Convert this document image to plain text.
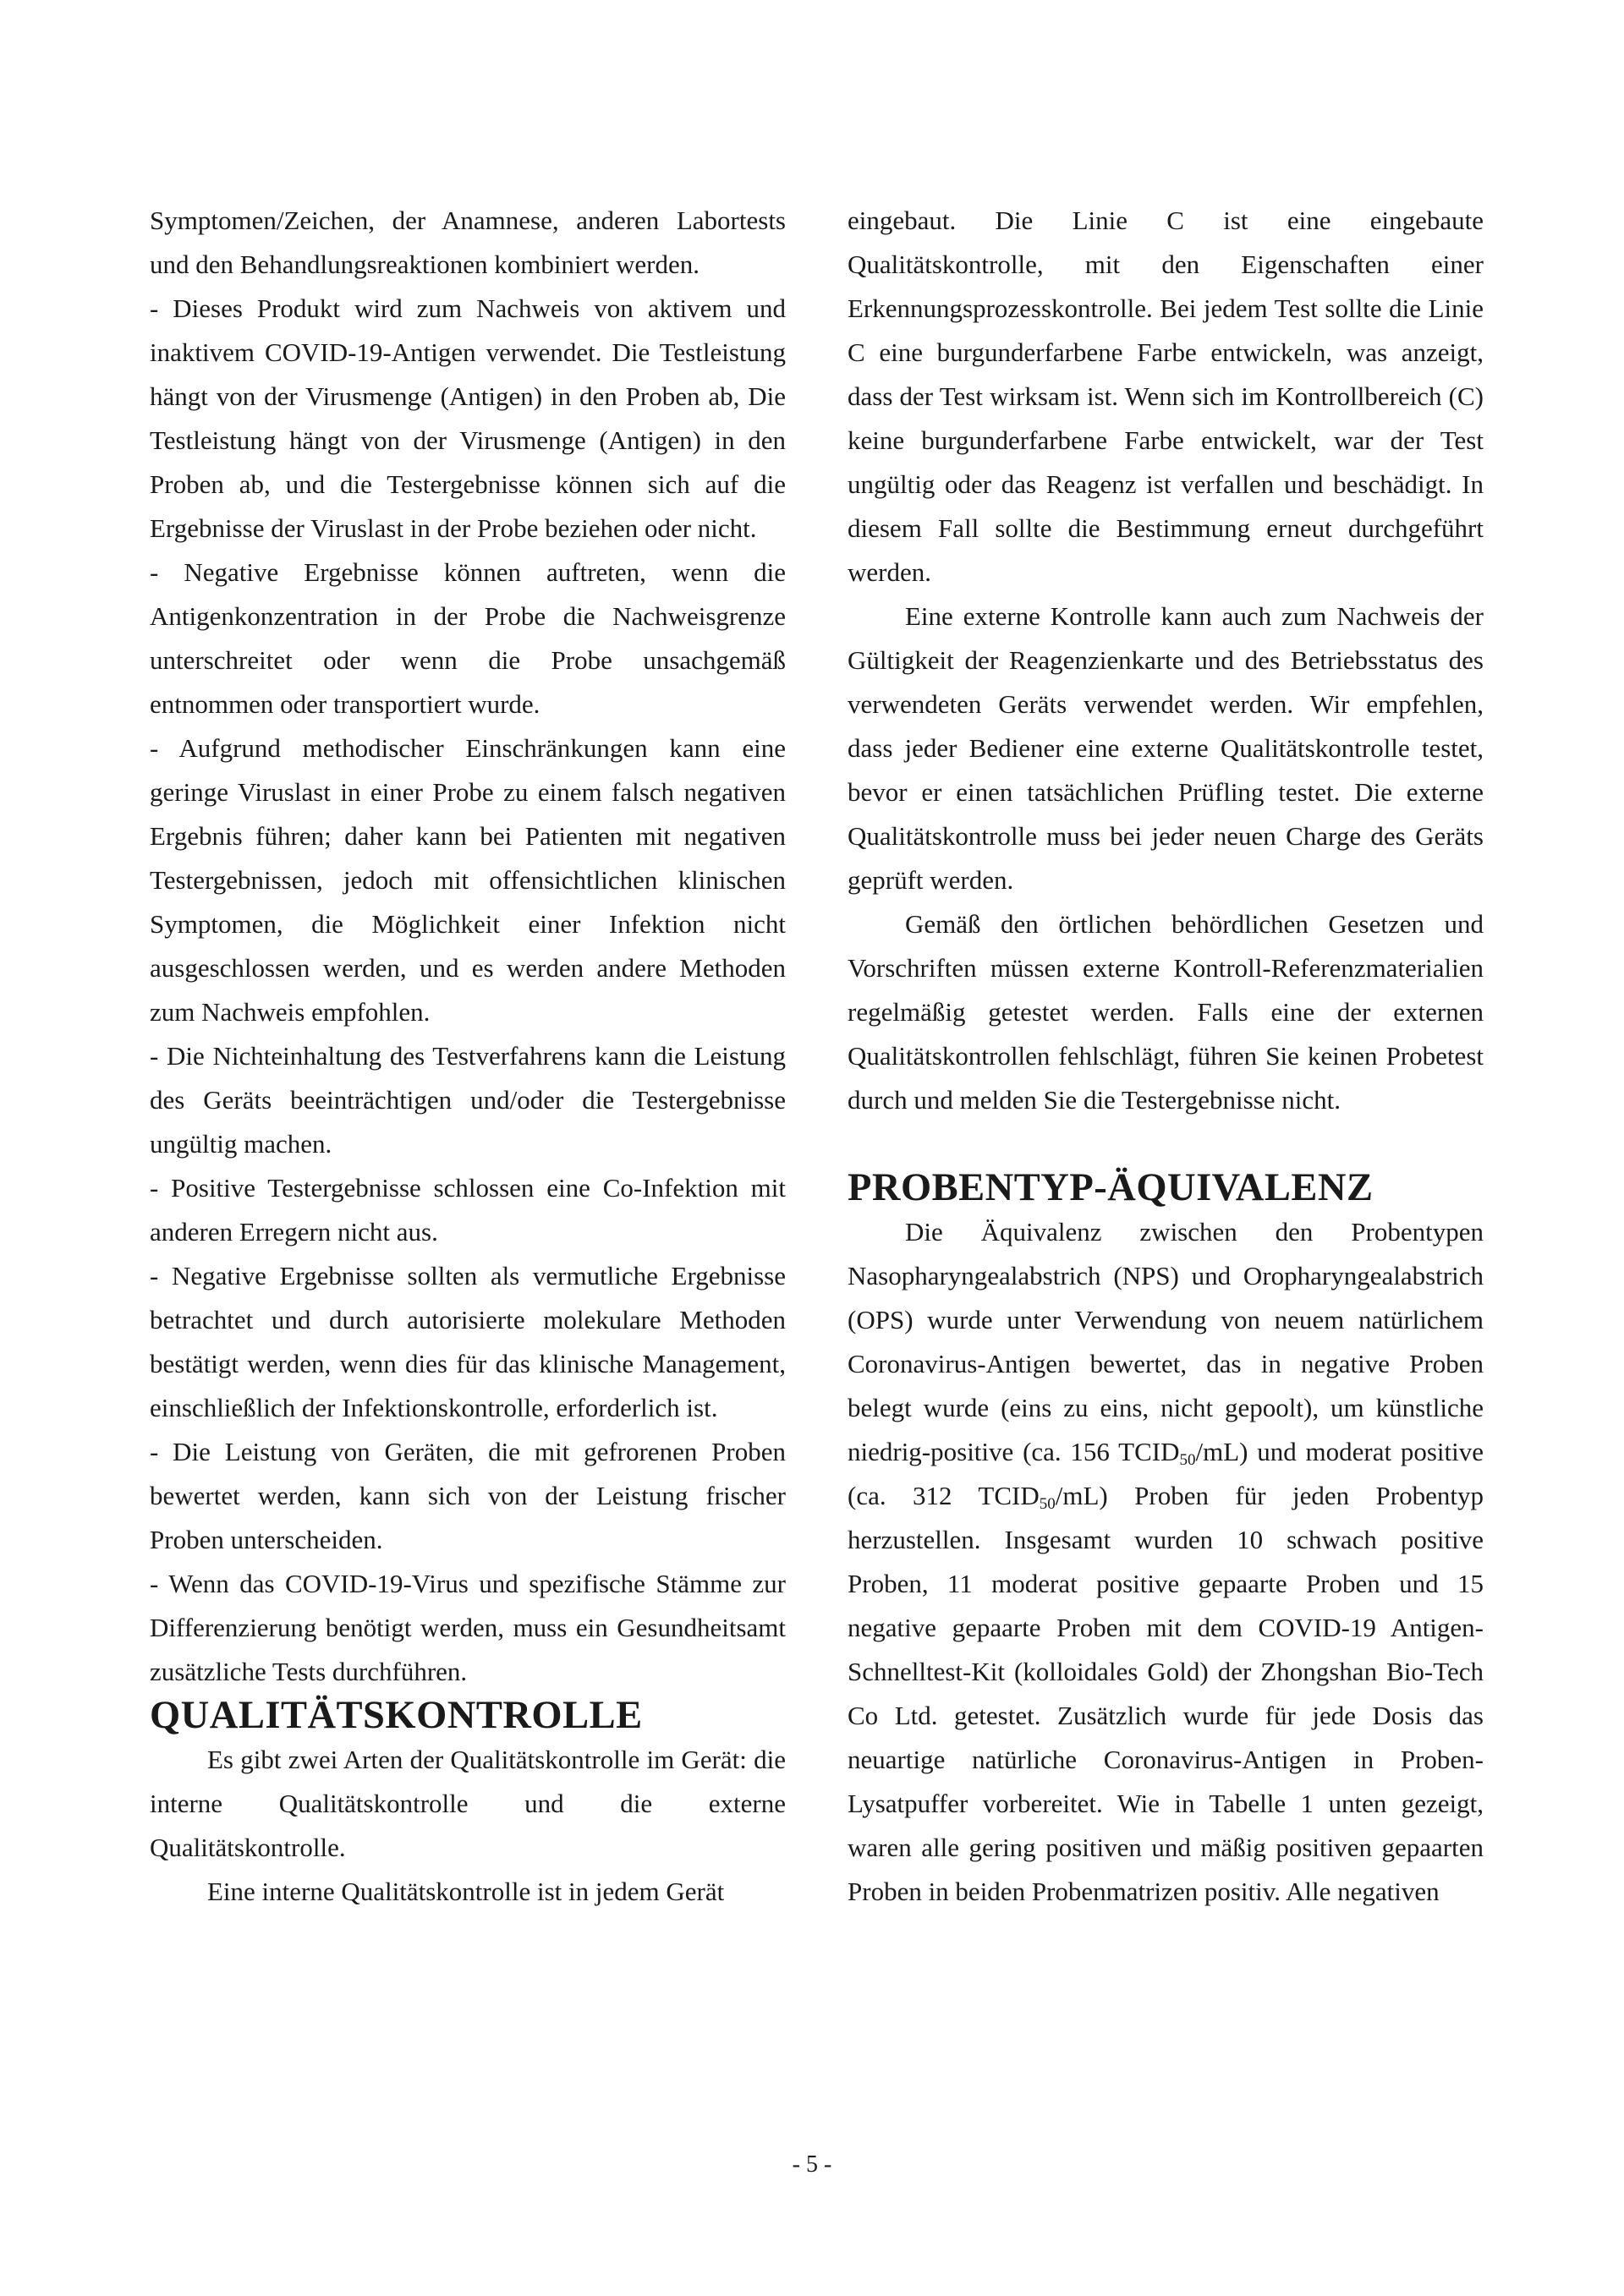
Symptomen/Zeichen, der Anamnese, anderen Labortests und den Behandlungsreaktionen kombiniert werden.

- Dieses Produkt wird zum Nachweis von aktivem und inaktivem COVID-19-Antigen verwendet. Die Testleistung hängt von der Virusmenge (Antigen) in den Proben ab, Die Testleistung hängt von der Virusmenge (Antigen) in den Proben ab, und die Testergebnisse können sich auf die Ergebnisse der Viruslast in der Probe beziehen oder nicht.

- Negative Ergebnisse können auftreten, wenn die Antigenkonzentration in der Probe die Nachweisgrenze unterschreitet oder wenn die Probe unsachgemäß entnommen oder transportiert wurde.

- Aufgrund methodischer Einschränkungen kann eine geringe Viruslast in einer Probe zu einem falsch negativen Ergebnis führen; daher kann bei Patienten mit negativen Testergebnissen, jedoch mit offensichtlichen klinischen Symptomen, die Möglichkeit einer Infektion nicht ausgeschlossen werden, und es werden andere Methoden zum Nachweis empfohlen.

- Die Nichteinhaltung des Testverfahrens kann die Leistung des Geräts beeinträchtigen und/oder die Testergebnisse ungültig machen.

- Positive Testergebnisse schlossen eine Co-Infektion mit anderen Erregern nicht aus.

- Negative Ergebnisse sollten als vermutliche Ergebnisse betrachtet und durch autorisierte molekulare Methoden bestätigt werden, wenn dies für das klinische Management, einschließlich der Infektionskontrolle, erforderlich ist.

- Die Leistung von Geräten, die mit gefrorenen Proben bewertet werden, kann sich von der Leistung frischer Proben unterscheiden.

- Wenn das COVID-19-Virus und spezifische Stämme zur Differenzierung benötigt werden, muss ein Gesundheitsamt zusätzliche Tests durchführen.

QUALITÄTSKONTROLLE

Es gibt zwei Arten der Qualitätskontrolle im Gerät: die interne Qualitätskontrolle und die externe Qualitätskontrolle.

Eine interne Qualitätskontrolle ist in jedem Gerät

eingebaut. Die Linie C ist eine eingebaute Qualitätskontrolle, mit den Eigenschaften einer Erkennungsprozesskontrolle. Bei jedem Test sollte die Linie C eine burgunderfarbene Farbe entwickeln, was anzeigt, dass der Test wirksam ist. Wenn sich im Kontrollbereich (C) keine burgunderfarbene Farbe entwickelt, war der Test ungültig oder das Reagenz ist verfallen und beschädigt. In diesem Fall sollte die Bestimmung erneut durchgeführt werden.

Eine externe Kontrolle kann auch zum Nachweis der Gültigkeit der Reagenzienkarte und des Betriebsstatus des verwendeten Geräts verwendet werden. Wir empfehlen, dass jeder Bediener eine externe Qualitätskontrolle testet, bevor er einen tatsächlichen Prüfling testet. Die externe Qualitätskontrolle muss bei jeder neuen Charge des Geräts geprüft werden.

Gemäß den örtlichen behördlichen Gesetzen und Vorschriften müssen externe Kontroll-Referenzmaterialien regelmäßig getestet werden. Falls eine der externen Qualitätskontrollen fehlschlägt, führen Sie keinen Probetest durch und melden Sie die Testergebnisse nicht.

PROBENTYP-ÄQUIVALENZ

Die Äquivalenz zwischen den Probentypen Nasopharyngealabstrich (NPS) und Oropharyngealabstrich (OPS) wurde unter Verwendung von neuem natürlichem Coronavirus-Antigen bewertet, das in negative Proben belegt wurde (eins zu eins, nicht gepoolt), um künstliche niedrig-positive (ca. 156 $TCID_{50}/mL$) und moderat positive (ca. 312 $TCID_{50}/mL$) Proben für jeden Probentyp herzustellen. Insgesamt wurden 10 schwach positive Proben, 11 moderat positive gepaarte Proben und 15 negative gepaarte Proben mit dem COVID-19 Antigen-Schnelltest-Kit (kolloidales Gold) der Zhongshan Bio-Tech Co Ltd. getestet. Zusätzlich wurde für jede Dosis das neuartige natürliche Coronavirus-Antigen in Proben-Lysatpuffer vorbereitet. Wie in Tabelle 1 unten gezeigt, waren alle gering positiven und mäßig positiven gepaarten Proben in beiden Probenmatrizen positiv. Alle negativen

- 5 -
